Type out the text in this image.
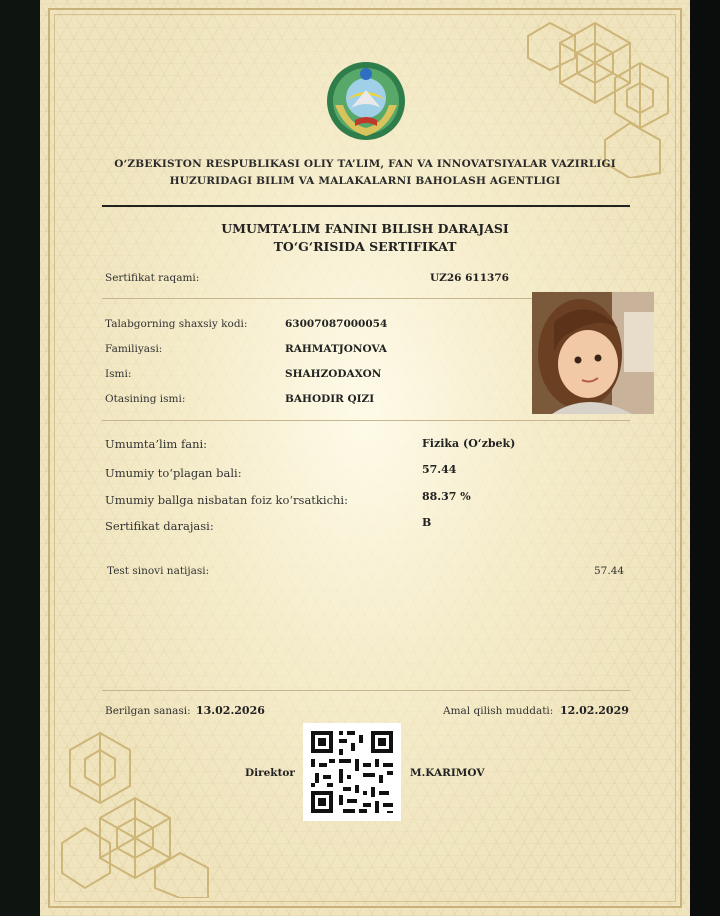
O‘ZBEKISTON RESPUBLIKASI OLIY TA’LIM, FAN VA INNOVATSIYALAR VAZIRLIGI
HUZURIDAGI BILIM VA MALAKALARNI BAHOLASH AGENTLIGI
UMUMTA’LIM FANINI BILISH DARAJASI
TO‘G‘RISIDA SERTIFIKAT
Sertifikat raqami:	UZ26 611376
Talabgorning shaxsiy kodi:	63007087000054
Familiyasi:	RAHMATJONOVA
Ismi:	SHAHZODAXON
Otasining ismi:	BAHODIR QIZI
Umumta’lim fani:	Fizika (O‘zbek)
Umumiy to‘plagan bali:	57.44
Umumiy ballga nisbatan foiz ko‘rsatkichi:	88.37 %
Sertifikat darajasi:	B
Test sinovi natijasi:	57.44
Berilgan sanasi: 13.02.2026	Amal qilish muddati: 12.02.2029
Direktor	M.KARIMOV
